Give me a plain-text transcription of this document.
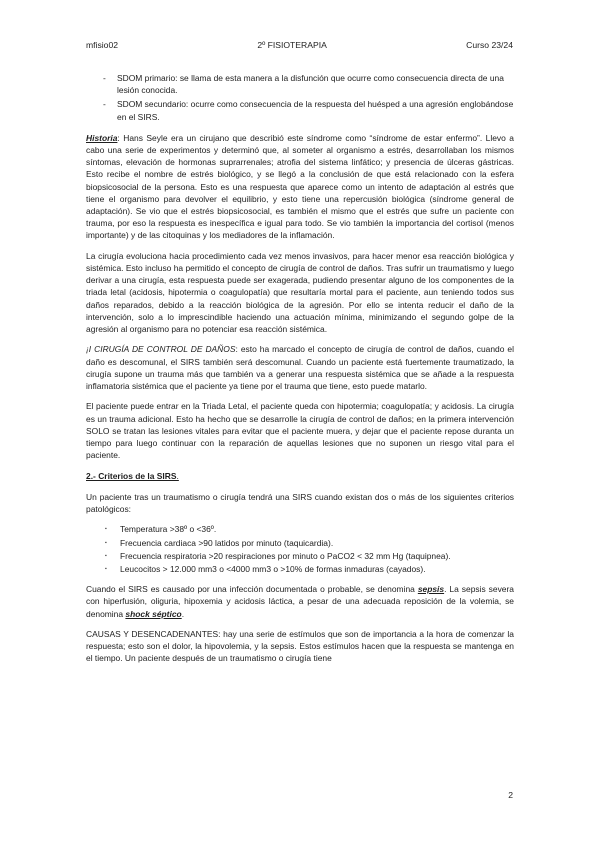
mfisio02	2º FISIOTERAPIA	Curso 23/24
- SDOM primario: se llama de esta manera a la disfunción que ocurre como consecuencia directa de una lesión conocida.
- SDOM secundario: ocurre como consecuencia de la respuesta del huésped a una agresión englobándose en el SIRS.

Historia: Hans Seyle era un cirujano que describió este síndrome como “síndrome de estar enfermo”. Llevo a cabo una serie de experimentos y determinó que, al someter al organismo a estrés, desarrollaban los mismos síntomas, elevación de hormonas suprarrenales; atrofia del sistema linfático; y presencia de úlceras gástricas. Esto recibe el nombre de estrés biológico, y se llegó a la conclusión de que está relacionado con la esfera biopsicosocial de la persona. Esto es una respuesta que aparece como un intento de adaptación al estrés que tiene el organismo para devolver el equilibrio, y esto tiene una repercusión biológica (síndrome general de adaptación). Se vio que el estrés biopsicosocial, es también el mismo que el estrés que sufre un paciente con trauma, por eso la respuesta es inespecífica e igual para todo. Se vio también la importancia del cortisol (menos importante) y de las citoquinas y los mediadores de la inflamación.

La cirugía evoluciona hacia procedimiento cada vez menos invasivos, para hacer menor esa reacción biológica y sistémica. Esto incluso ha permitido el concepto de cirugía de control de daños. Tras sufrir un traumatismo y luego derivar a una cirugía, esta respuesta puede ser exagerada, pudiendo presentar alguno de los componentes de la triada letal (acidosis, hipotermia o coagulopatía) que resultaría mortal para el paciente, aun teniendo todos sus daños reparados, debido a la reacción biológica de la agresión. Por ello se intenta reducir el daño de la intervención, solo a lo imprescindible haciendo una actuación mínima, minimizando el segundo golpe de la agresión al organismo para no potenciar esa reacción sistémica.

¡I CIRUGÍA DE CONTROL DE DAÑOS: esto ha marcado el concepto de cirugía de control de daños, cuando el daño es descomunal, el SIRS también será descomunal. Cuando un paciente está fuertemente traumatizado, la cirugía supone un trauma más que también va a generar una respuesta sistémica que se añade a la respuesta inflamatoria sistémica que el paciente ya tiene por el trauma que tiene, esto puede matarlo.

El paciente puede entrar en la Triada Letal, el paciente queda con hipotermia; coagulopatía; y acidosis. La cirugía es un trauma adicional. Esto ha hecho que se desarrolle la cirugía de control de daños; en la primera intervención SOLO se tratan las lesiones vitales para evitar que el paciente muera, y dejar que el paciente repose duranta un tiempo para luego continuar con la reparación de aquellas lesiones que no suponen un riesgo vital para el paciente.

2.- Criterios de la SIRS.

Un paciente tras un traumatismo o cirugía tendrá una SIRS cuando existan dos o más de los siguientes criterios patológicos:

▪ Temperatura >38º o <36º.
▪ Frecuencia cardiaca >90 latidos por minuto (taquicardia).
▪ Frecuencia respiratoria >20 respiraciones por minuto o PaCO2 < 32 mm Hg (taquipnea).
▪ Leucocitos > 12.000 mm3 o <4000 mm3 o >10% de formas inmaduras (cayados).

Cuando el SIRS es causado por una infección documentada o probable, se denomina sepsis. La sepsis severa con hiperfusión, oliguria, hipoxemia y acidosis láctica, a pesar de una adecuada reposición de la volemia, se denomina shock séptico.

CAUSAS Y DESENCADENANTES: hay una serie de estímulos que son de importancia a la hora de comenzar la respuesta; esto son el dolor, la hipovolemia, y la sepsis. Estos estímulos hacen que la respuesta se mantenga en el tiempo. Un paciente después de un traumatismo o cirugía tiene

2
